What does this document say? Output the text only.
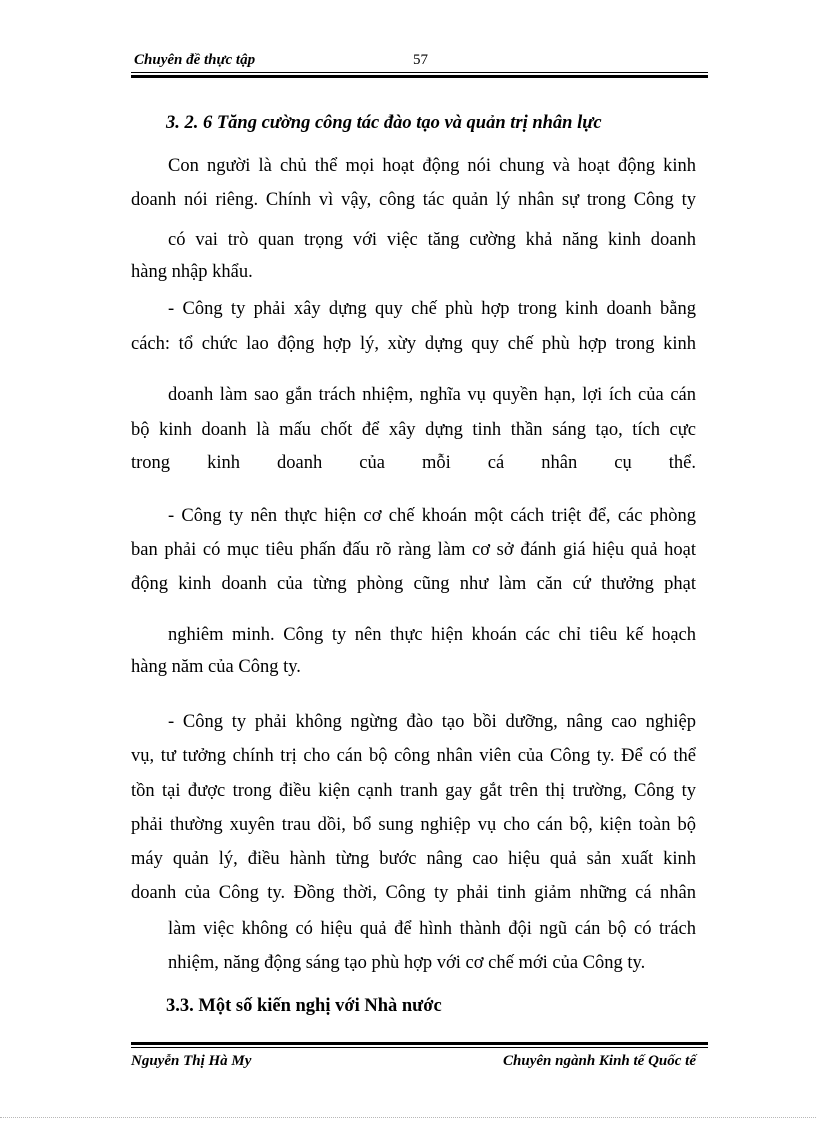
Chuyên đề thực tập	57
3. 2. 6 Tăng cường công tác đào tạo và quản trị nhân lực
Con người là chủ thể mọi hoạt động nói chung và hoạt động kinh
doanh nói riêng. Chính vì vậy, công tác quản lý nhân sự trong Công ty
có vai trò quan trọng với việc tăng cường khả năng kinh doanh
hàng nhập khẩu.
- Công ty phải xây dựng quy chế phù hợp trong kinh doanh bằng
cách: tổ chức lao động hợp lý, xừy dựng quy chế phù hợp trong kinh
doanh làm sao gắn trách nhiệm, nghĩa vụ quyền hạn, lợi ích của cán
bộ kinh doanh là mấu chốt để xây dựng tinh thần sáng tạo, tích cực
trong kinh doanh của mỗi cá nhân cụ thể.
- Công ty nên thực hiện cơ chế khoán một cách triệt để, các phòng
ban phải có mục tiêu phấn đấu rõ ràng làm cơ sở đánh giá hiệu quả hoạt
động kinh doanh của từng phòng cũng như làm căn cứ thưởng phạt
nghiêm minh. Công ty nên thực hiện khoán các chỉ tiêu kế hoạch
hàng năm của Công ty.
- Công ty phải không ngừng đào tạo bồi dưỡng, nâng cao nghiệp
vụ, tư tưởng chính trị cho cán bộ công nhân viên của Công ty. Để có thể
tồn tại được trong điều kiện cạnh tranh gay gắt trên thị trường, Công ty
phải thường xuyên trau dồi, bổ sung nghiệp vụ cho cán bộ, kiện toàn bộ
máy quản lý, điều hành từng bước nâng cao hiệu quả sản xuất kinh
doanh của Công ty. Đồng thời, Công ty phải tinh giảm những cá nhân
làm việc không có hiệu quả để hình thành đội ngũ cán bộ có trách
nhiệm, năng động sáng tạo phù hợp với cơ chế mới của Công ty.
3.3. Một số kiến nghị với Nhà nước
Nguyễn Thị Hà My	Chuyên ngành Kinh tế Quốc tế
